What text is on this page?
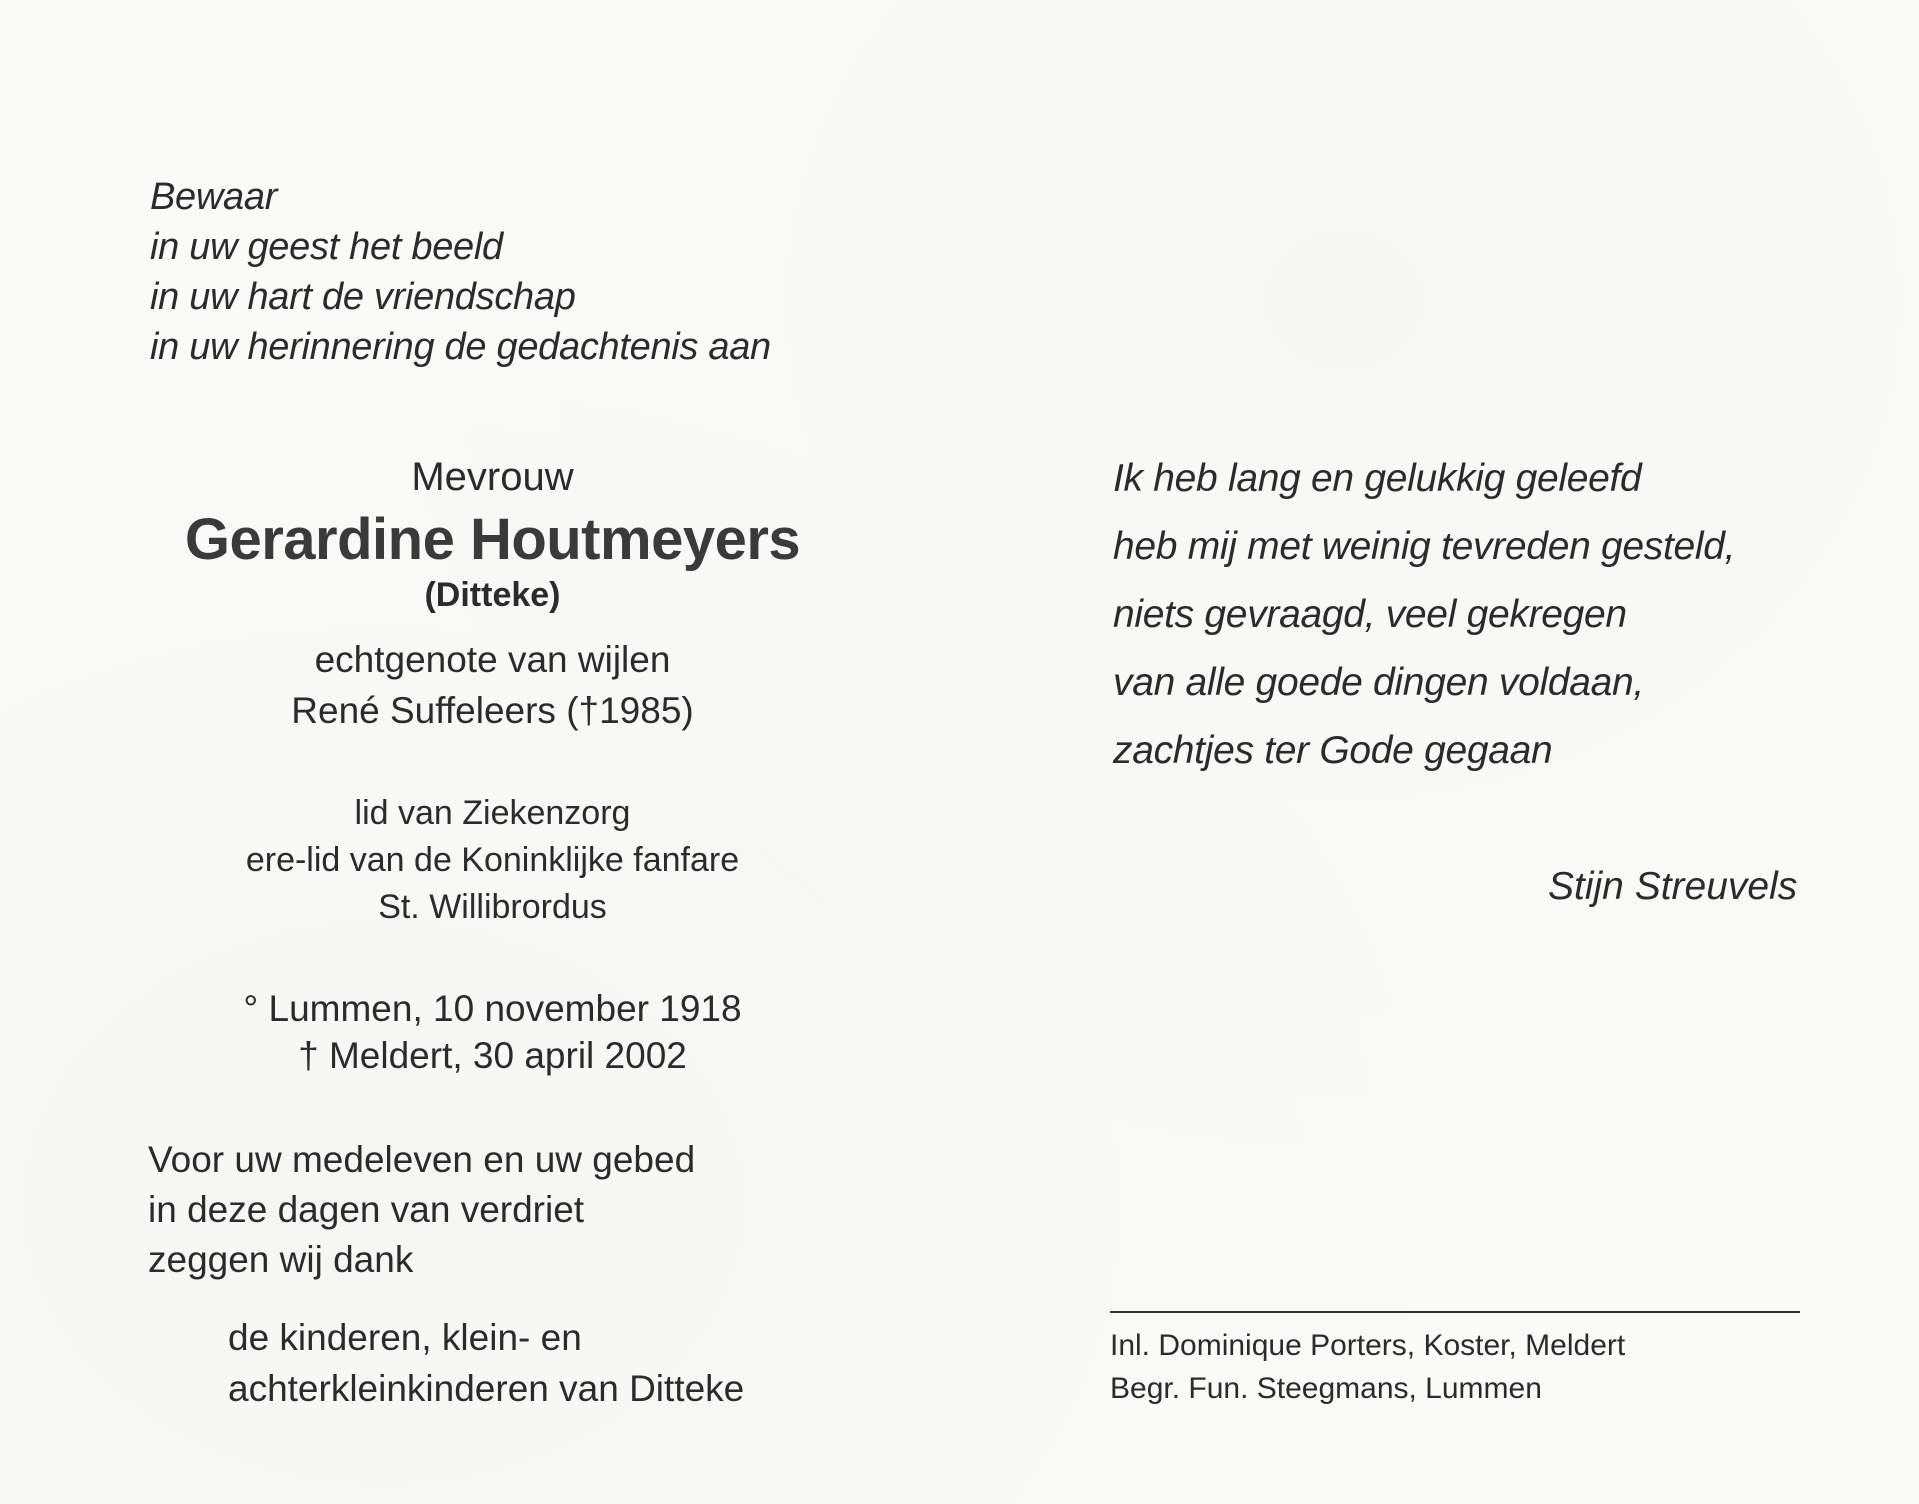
Bewaar
in uw geest het beeld
in uw hart de vriendschap
in uw herinnering de gedachtenis aan
Mevrouw
Gerardine Houtmeyers
(Ditteke)
echtgenote van wijlen
René Suffeleers (†1985)
lid van Ziekenzorg
ere-lid van de Koninklijke fanfare
St. Willibrordus
° Lummen, 10 november 1918
† Meldert, 30 april 2002
Voor uw medeleven en uw gebed
in deze dagen van verdriet
zeggen wij dank
de kinderen, klein- en
achterkleinkinderen van Ditteke
Ik heb lang en gelukkig geleefd
heb mij met weinig tevreden gesteld,
niets gevraagd, veel gekregen
van alle goede dingen voldaan,
zachtjes ter Gode gegaan
Stijn Streuvels
Inl. Dominique Porters, Koster, Meldert
Begr. Fun. Steegmans, Lummen
